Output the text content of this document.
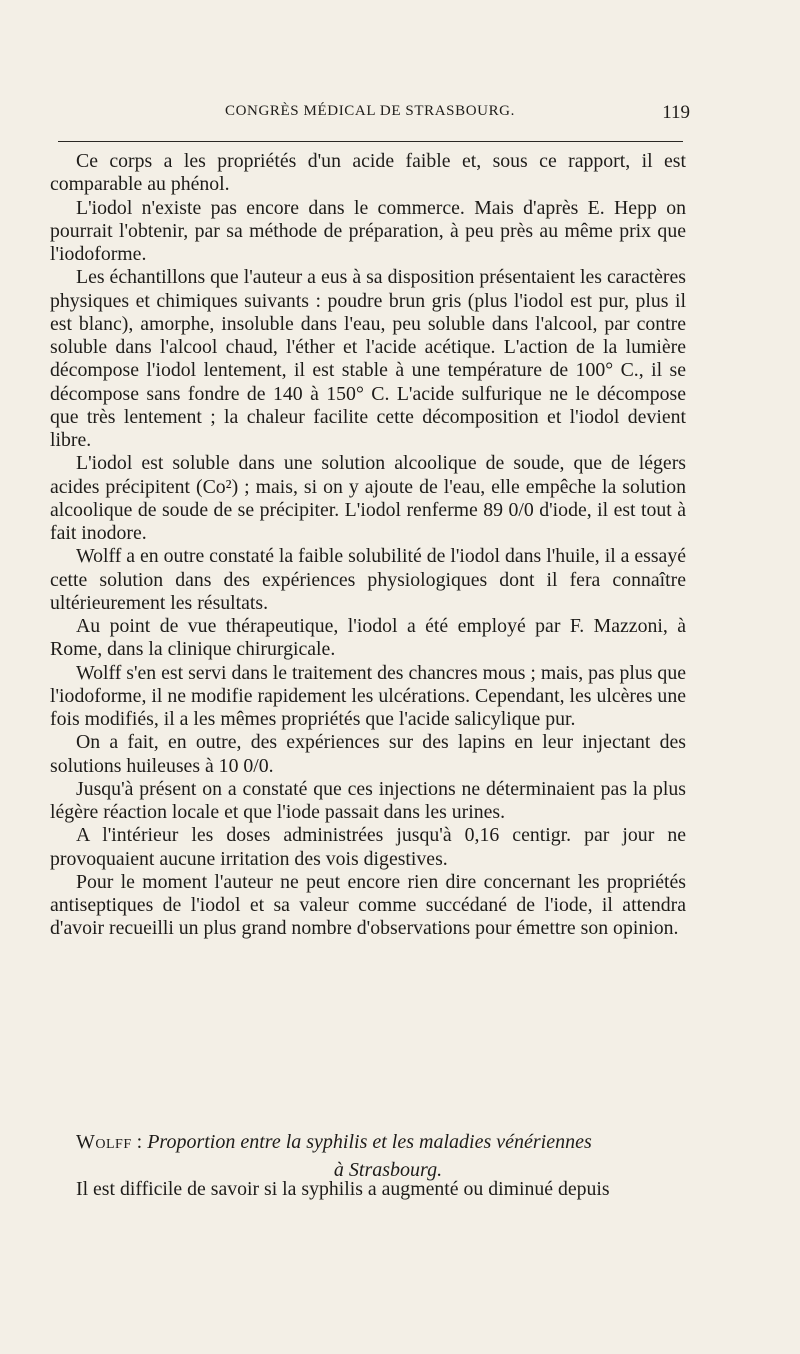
CONGRÈS MÉDICAL DE STRASBOURG.	119

Ce corps a les propriétés d'un acide faible et, sous ce rapport, il est comparable au phénol.

L'iodol n'existe pas encore dans le commerce. Mais d'après E. Hepp on pourrait l'obtenir, par sa méthode de préparation, à peu près au même prix que l'iodoforme.

Les échantillons que l'auteur a eus à sa disposition présentaient les caractères physiques et chimiques suivants : poudre brun gris (plus l'iodol est pur, plus il est blanc), amorphe, insoluble dans l'eau, peu soluble dans l'alcool, par contre soluble dans l'alcool chaud, l'éther et l'acide acétique. L'action de la lumière décompose l'iodol lentement, il est stable à une température de 100° C., il se décompose sans fondre de 140 à 150° C. L'acide sulfurique ne le décompose que très lentement ; la chaleur facilite cette décomposition et l'iodol devient libre.

L'iodol est soluble dans une solution alcoolique de soude, que de légers acides précipitent (Co²) ; mais, si on y ajoute de l'eau, elle empêche la solution alcoolique de soude de se précipiter. L'iodol renferme 89 0/0 d'iode, il est tout à fait inodore.

Wolff a en outre constaté la faible solubilité de l'iodol dans l'huile, il a essayé cette solution dans des expériences physiologiques dont il fera connaître ultérieurement les résultats.

Au point de vue thérapeutique, l'iodol a été employé par F. Mazzoni, à Rome, dans la clinique chirurgicale.

Wolff s'en est servi dans le traitement des chancres mous ; mais, pas plus que l'iodoforme, il ne modifie rapidement les ulcérations. Cependant, les ulcères une fois modifiés, il a les mêmes propriétés que l'acide salicylique pur.

On a fait, en outre, des expériences sur des lapins en leur injectant des solutions huileuses à 10 0/0.

Jusqu'à présent on a constaté que ces injections ne déterminaient pas la plus légère réaction locale et que l'iode passait dans les urines.

A l'intérieur les doses administrées jusqu'à 0,16 centigr. par jour ne provoquaient aucune irritation des vois digestives.

Pour le moment l'auteur ne peut encore rien dire concernant les propriétés antiseptiques de l'iodol et sa valeur comme succédané de l'iode, il attendra d'avoir recueilli un plus grand nombre d'observations pour émettre son opinion.

Wolff : Proportion entre la syphilis et les maladies vénériennes
à Strasbourg.

Il est difficile de savoir si la syphilis a augmenté ou diminué depuis
